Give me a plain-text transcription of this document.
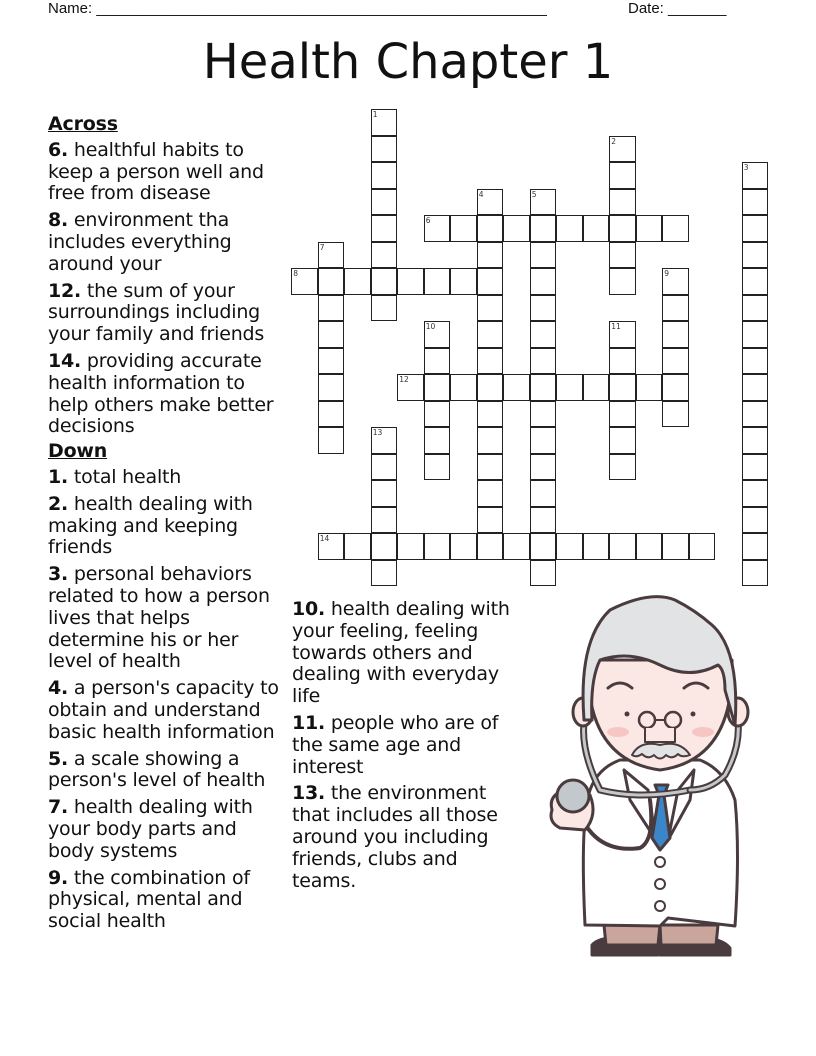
Name: ______________________________________________________	Date: _______
Health Chapter 1
1
2
3
4	5
6
7
8	9
10	11
12
13
14
Across
6. healthful habits to keep a person well and free from disease
8. environment tha includes everything around your
12. the sum of your surroundings including your family and friends
14. providing accurate health information to help others make better decisions
Down
1. total health
2. health dealing with making and keeping friends
3. personal behaviors related to how a person lives that helps determine his or her level of health
4. a person's capacity to obtain and understand basic health information
5. a scale showing a person's level of health
7. health dealing with your body parts and body systems
9. the combination of physical, mental and social health
10. health dealing with your feeling, feeling towards others and dealing with everyday life
11. people who are of the same age and interest
13. the environment that includes all those around you including friends, clubs and teams.
